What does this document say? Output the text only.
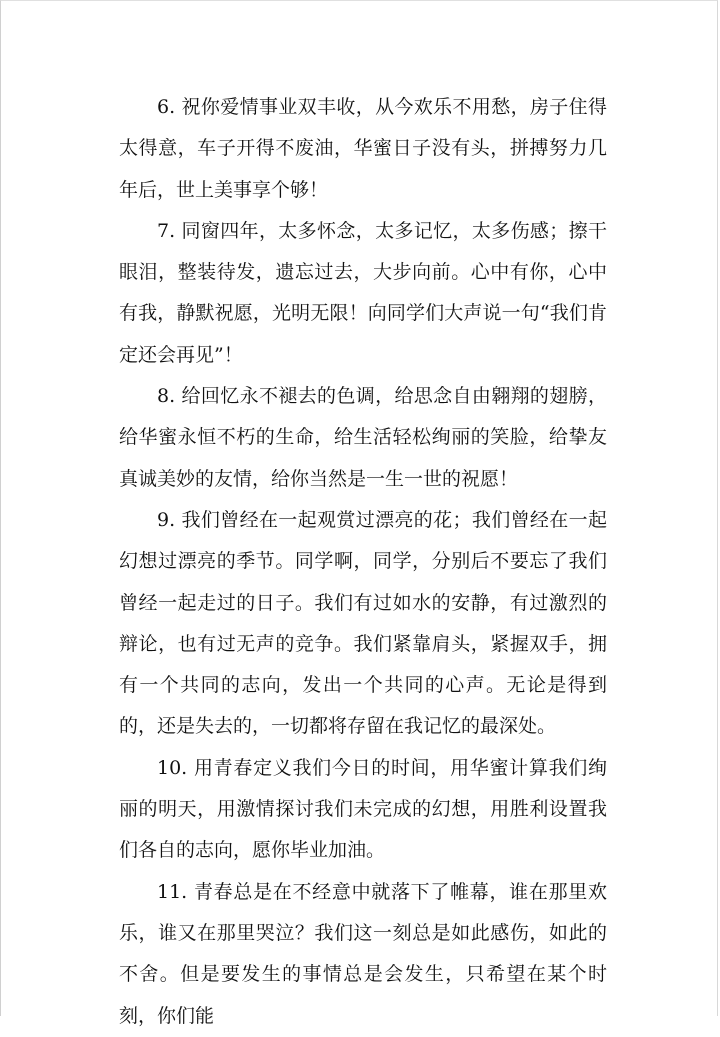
6. 祝你爱情事业双丰收，从今欢乐不用愁，房子住得太得意，车子开得不废油，华蜜日子没有头，拼搏努力几年后，世上美事享个够！

7. 同窗四年，太多怀念，太多记忆，太多伤感；擦干眼泪，整装待发，遗忘过去，大步向前。心中有你，心中有我，静默祝愿，光明无限！向同学们大声说一句“我们肯定还会再见”！

8. 给回忆永不褪去的色调，给思念自由翱翔的翅膀，给华蜜永恒不朽的生命，给生活轻松绚丽的笑脸，给挚友真诚美妙的友情，给你当然是一生一世的祝愿！

9. 我们曾经在一起观赏过漂亮的花；我们曾经在一起幻想过漂亮的季节。同学啊，同学，分别后不要忘了我们曾经一起走过的日子。我们有过如水的安静，有过激烈的辩论，也有过无声的竞争。我们紧靠肩头，紧握双手，拥有一个共同的志向，发出一个共同的心声。无论是得到的，还是失去的，一切都将存留在我记忆的最深处。

10. 用青春定义我们今日的时间，用华蜜计算我们绚丽的明天，用激情探讨我们未完成的幻想，用胜利设置我们各自的志向，愿你毕业加油。

11. 青春总是在不经意中就落下了帷幕，谁在那里欢乐，谁又在那里哭泣？我们这一刻总是如此感伤，如此的不舍。但是要发生的事情总是会发生，只希望在某个时刻，你们能
